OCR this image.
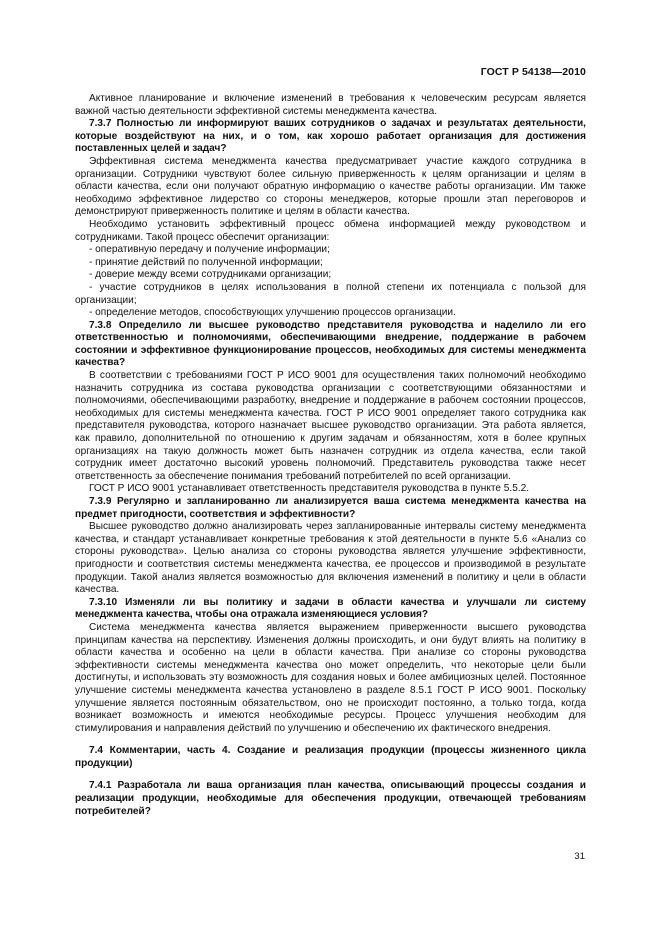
ГОСТ Р 54138—2010

Активное планирование и включение изменений в требования к человеческим ресурсам является важной частью деятельности эффективной системы менеджмента качества.

7.3.7 Полностью ли информируют ваших сотрудников о задачах и результатах деятельности, которые воздействуют на них, и о том, как хорошо работает организация для достижения поставленных целей и задач?

Эффективная система менеджмента качества предусматривает участие каждого сотрудника в организации. Сотрудники чувствуют более сильную приверженность к целям организации и целям в области качества, если они получают обратную информацию о качестве работы организации. Им также необходимо эффективное лидерство со стороны менеджеров, которые прошли этап переговоров и демонстрируют приверженность политике и целям в области качества.

Необходимо установить эффективный процесс обмена информацией между руководством и сотрудниками. Такой процесс обеспечит организации:

- оперативную передачу и получение информации;

- принятие действий по полученной информации;

- доверие между всеми сотрудниками организации;

- участие сотрудников в целях использования в полной степени их потенциала с пользой для организации;

- определение методов, способствующих улучшению процессов организации.

7.3.8 Определило ли высшее руководство представителя руководства и наделило ли его ответственностью и полномочиями, обеспечивающими внедрение, поддержание в рабочем состоянии и эффективное функционирование процессов, необходимых для системы менеджмента качества?

В соответствии с требованиями ГОСТ Р ИСО 9001 для осуществления таких полномочий необходимо назначить сотрудника из состава руководства организации с соответствующими обязанностями и полномочиями, обеспечивающими разработку, внедрение и поддержание в рабочем состоянии процессов, необходимых для системы менеджмента качества. ГОСТ Р ИСО 9001 определяет такого сотрудника как представителя руководства, которого назначает высшее руководство организации. Эта работа является, как правило, дополнительной по отношению к другим задачам и обязанностям, хотя в более крупных организациях на такую должность может быть назначен сотрудник из отдела качества, если такой сотрудник имеет достаточно высокий уровень полномочий. Представитель руководства также несет ответственность за обеспечение понимания требований потребителей по всей организации.

ГОСТ Р ИСО 9001 устанавливает ответственность представителя руководства в пункте 5.5.2.

7.3.9 Регулярно и запланированно ли анализируется ваша система менеджмента качества на предмет пригодности, соответствия и эффективности?

Высшее руководство должно анализировать через запланированные интервалы систему менеджмента качества, и стандарт устанавливает конкретные требования к этой деятельности в пункте 5.6 «Анализ со стороны руководства». Целью анализа со стороны руководства является улучшение эффективности, пригодности и соответствия системы менеджмента качества, ее процессов и производимой в результате продукции. Такой анализ является возможностью для включения изменений в политику и цели в области качества.

7.3.10 Изменяли ли вы политику и задачи в области качества и улучшали ли систему менеджмента качества, чтобы она отражала изменяющиеся условия?

Система менеджмента качества является выражением приверженности высшего руководства принципам качества на перспективу. Изменения должны происходить, и они будут влиять на политику в области качества и особенно на цели в области качества. При анализе со стороны руководства эффективности системы менеджмента качества оно может определить, что некоторые цели были достигнуты, и использовать эту возможность для создания новых и более амбициозных целей. Постоянное улучшение системы менеджмента качества установлено в разделе 8.5.1 ГОСТ Р ИСО 9001. Поскольку улучшение является постоянным обязательством, оно не происходит постоянно, а только тогда, когда возникает возможность и имеются необходимые ресурсы. Процесс улучшения необходим для стимулирования и направления действий по улучшению и обеспечению их фактического внедрения.

7.4 Комментарии, часть 4. Создание и реализация продукции (процессы жизненного цикла продукции)

7.4.1 Разработала ли ваша организация план качества, описывающий процессы создания и реализации продукции, необходимые для обеспечения продукции, отвечающей требованиям потребителей?

31
